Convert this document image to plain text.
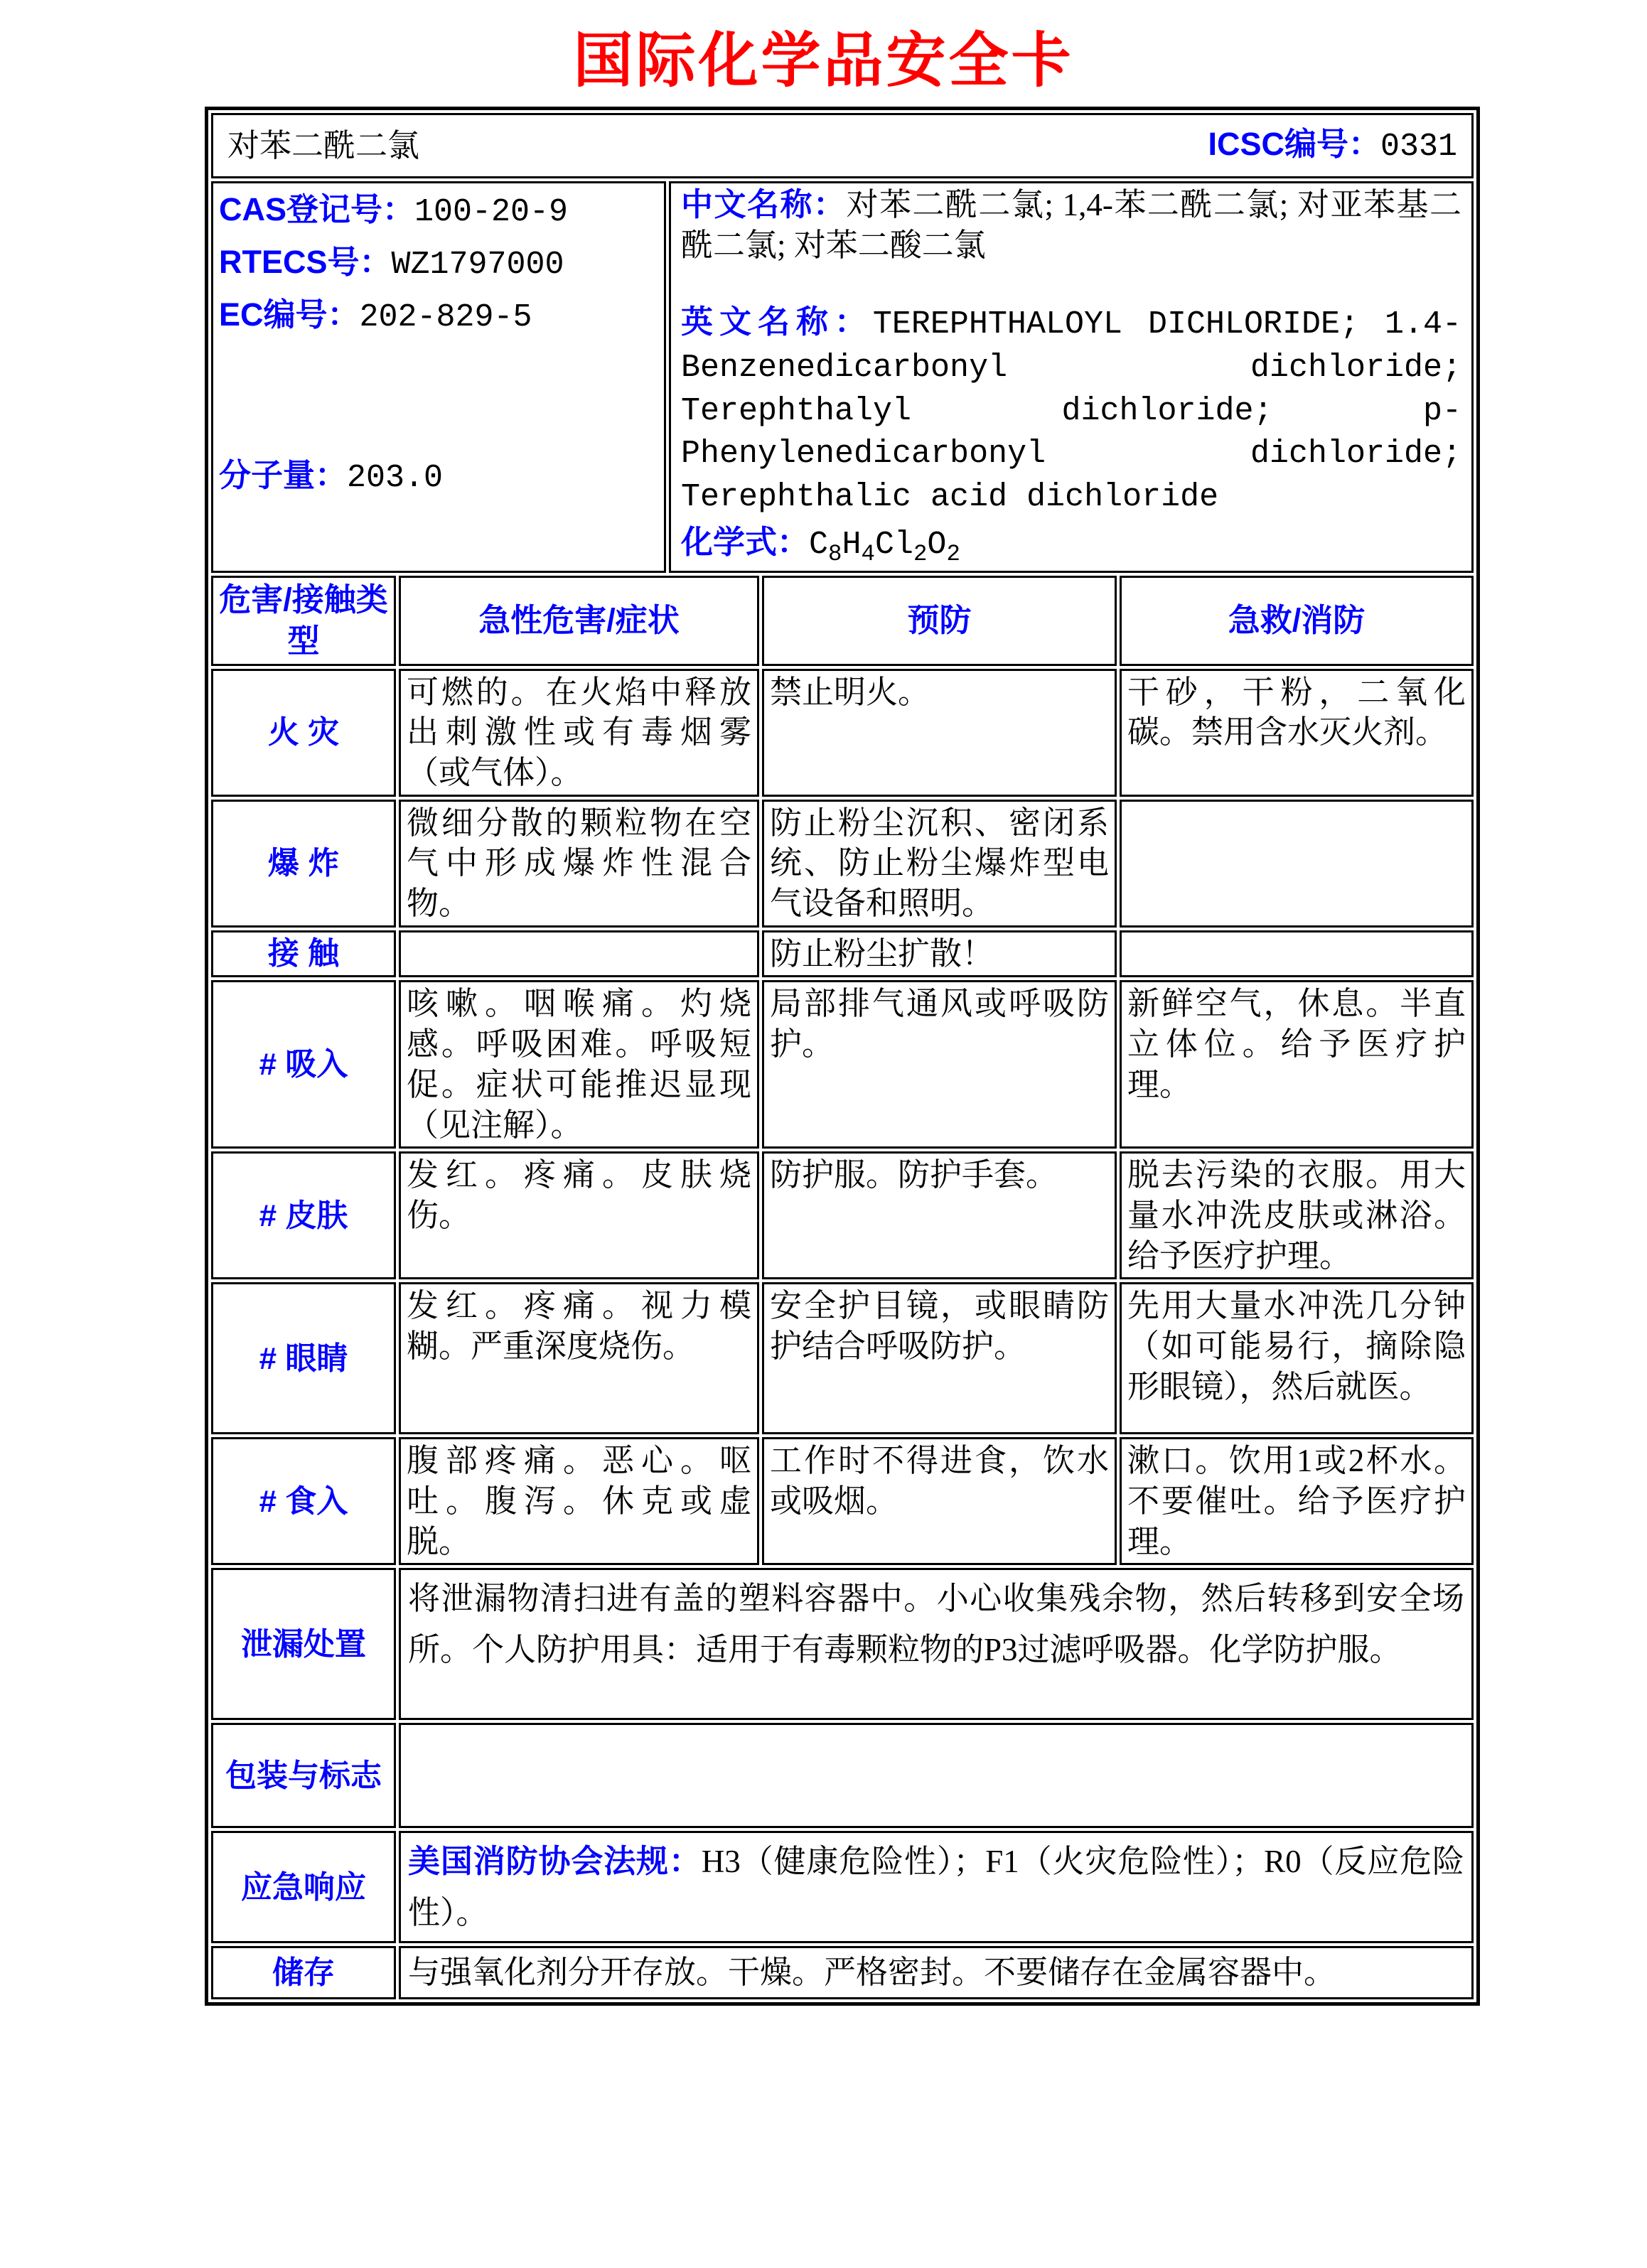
国际化学品安全卡
对苯二酰二氯 ICSC编号：0331				

CAS登记号：100-20-9
RTECS号：WZ1797000
EC编号：202-829-5
分子量：203.0

中文名称：对苯二酰二氯; 1,4-苯二酰二氯; 对亚苯基二酰二氯; 对苯二酸二氯
英文名称：TEREPHTHALOYL DICHLORIDE; 1.4-Benzenedicarbonyl dichloride; Terephthalyl dichloride; p-Phenylenedicarbonyl dichloride; Terephthalic acid dichloride
化学式：$C_8H_4Cl_2O_2$

危害/接触类型	急性危害/症状		预防	急救/消防
火 灾	可燃的。在火焰中释放出刺激性或有毒烟雾（或气体）。		禁止明火。	干砂，干粉，二氧化碳。禁用含水灭火剂。
爆 炸	微细分散的颗粒物在空气中形成爆炸性混合物。		防止粉尘沉积、密闭系统、防止粉尘爆炸型电气设备和照明。	
接 触			防止粉尘扩散！	
# 吸入	咳嗽。咽喉痛。灼烧感。呼吸困难。呼吸短促。症状可能推迟显现（见注解）。		局部排气通风或呼吸防护。	新鲜空气，休息。半直立体位。给予医疗护理。
# 皮肤	发红。疼痛。皮肤烧伤。		防护服。防护手套。	脱去污染的衣服。用大量水冲洗皮肤或淋浴。给予医疗护理。
# 眼睛	发红。疼痛。视力模糊。严重深度烧伤。		安全护目镜，或眼睛防护结合呼吸防护。	先用大量水冲洗几分钟（如可能易行，摘除隐形眼镜），然后就医。
# 食入	腹部疼痛。恶心。呕吐。腹泻。休克或虚脱。		工作时不得进食，饮水或吸烟。	漱口。饮用1或2杯水。不要催吐。给予医疗护理。
泄漏处置	将泄漏物清扫进有盖的塑料容器中。小心收集残余物，然后转移到安全场所。个人防护用具：适用于有毒颗粒物的P3过滤呼吸器。化学防护服。			
包装与标志				
应急响应	美国消防协会法规：H3（健康危险性）；F1（火灾危险性）；R0（反应危险性）。			
储存	与强氧化剂分开存放。干燥。严格密封。不要储存在金属容器中。			
